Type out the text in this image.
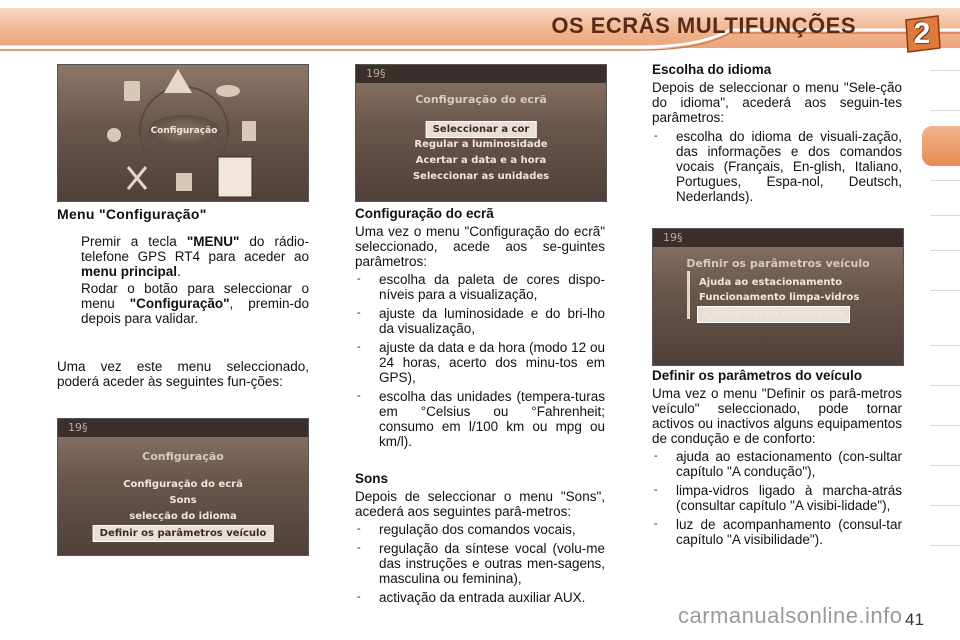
OS ECRÃS MULTIFUNÇÕES	2
Configuração
19§
Configuração do ecrã
Seleccionar a cor
Regular a luminosidade
Acertar a data e a hora
Seleccionar as unidades
19§
Configuração
Configuração do ecrã
Sons
selecção do idioma
Definir os parâmetros veículo
19§
Definir os parâmetros veículo
Ajuda ao estacionamento
Funcionamento limpa-vidros
Configuração iluminação
Menu "Configuração"
Premir a tecla "MENU" do rádio-telefone GPS RT4 para aceder ao menu principal.
Rodar o botão para seleccionar o menu "Configuração", premin-do depois para validar.
Uma vez este menu seleccionado, poderá aceder às seguintes fun-ções:
Configuração do ecrã
Uma vez o menu "Configuração do ecrã" seleccionado, acede aos se-guintes parâmetros:
- escolha da paleta de cores dispo-níveis para a visualização,
- ajuste da luminosidade e do bri-lho da visualização,
- ajuste da data e da hora (modo 12 ou 24 horas, acerto dos minu-tos em GPS),
- escolha das unidades (tempera-turas em °Celsius ou °Fahrenheit; consumo em l/100 km ou mpg ou km/l).
Sons
Depois de seleccionar o menu "Sons", acederá aos seguintes parâ-metros:
- regulação dos comandos vocais,
- regulação da síntese vocal (volu-me das instruções e outras men-sagens, masculina ou feminina),
- activação da entrada auxiliar AUX.
Escolha do idioma
Depois de seleccionar o menu "Sele-ção do idioma", acederá aos seguin-tes parâmetros:
- escolha do idioma de visuali-zação, das informações e dos comandos vocais (Français, En-glish, Italiano, Portugues, Espa-nol, Deutsch, Nederlands).
Definir os parâmetros do veículo
Uma vez o menu "Definir os parâ-metros veículo" seleccionado, pode tornar activos ou inactivos alguns equipamentos de condução e de conforto:
- ajuda ao estacionamento (con-sultar capítulo "A condução"),
- limpa-vidros ligado à marcha-atrás (consultar capítulo "A visibi-lidade"),
- luz de acompanhamento (consul-tar capítulo "A visibilidade").
carmanualsonline.info 41
